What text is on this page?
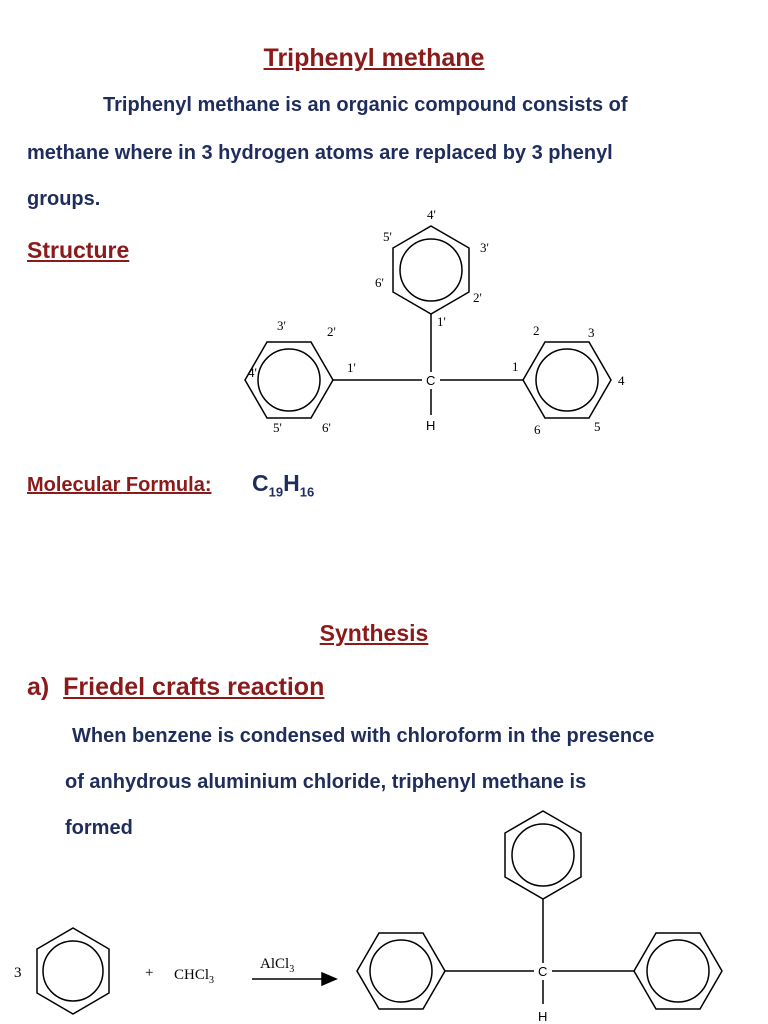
Triphenyl methane
Triphenyl methane is an organic compound consists of
methane where in 3 hydrogen atoms are replaced by 3 phenyl
groups.
Structure
4'
5'
3'
6'
2'
1'
3'	2'
4'	1'
5'	6'
2	3
1
4
6	5
C
H
Molecular Formula: $C_{19}H_{16}$
Synthesis
a) Friedel crafts reaction
When benzene is condensed with chloroform in the presence
of anhydrous aluminium chloride, triphenyl methane is
formed
3	+ CHCl$_3$
AlCl$_3$	C
H
